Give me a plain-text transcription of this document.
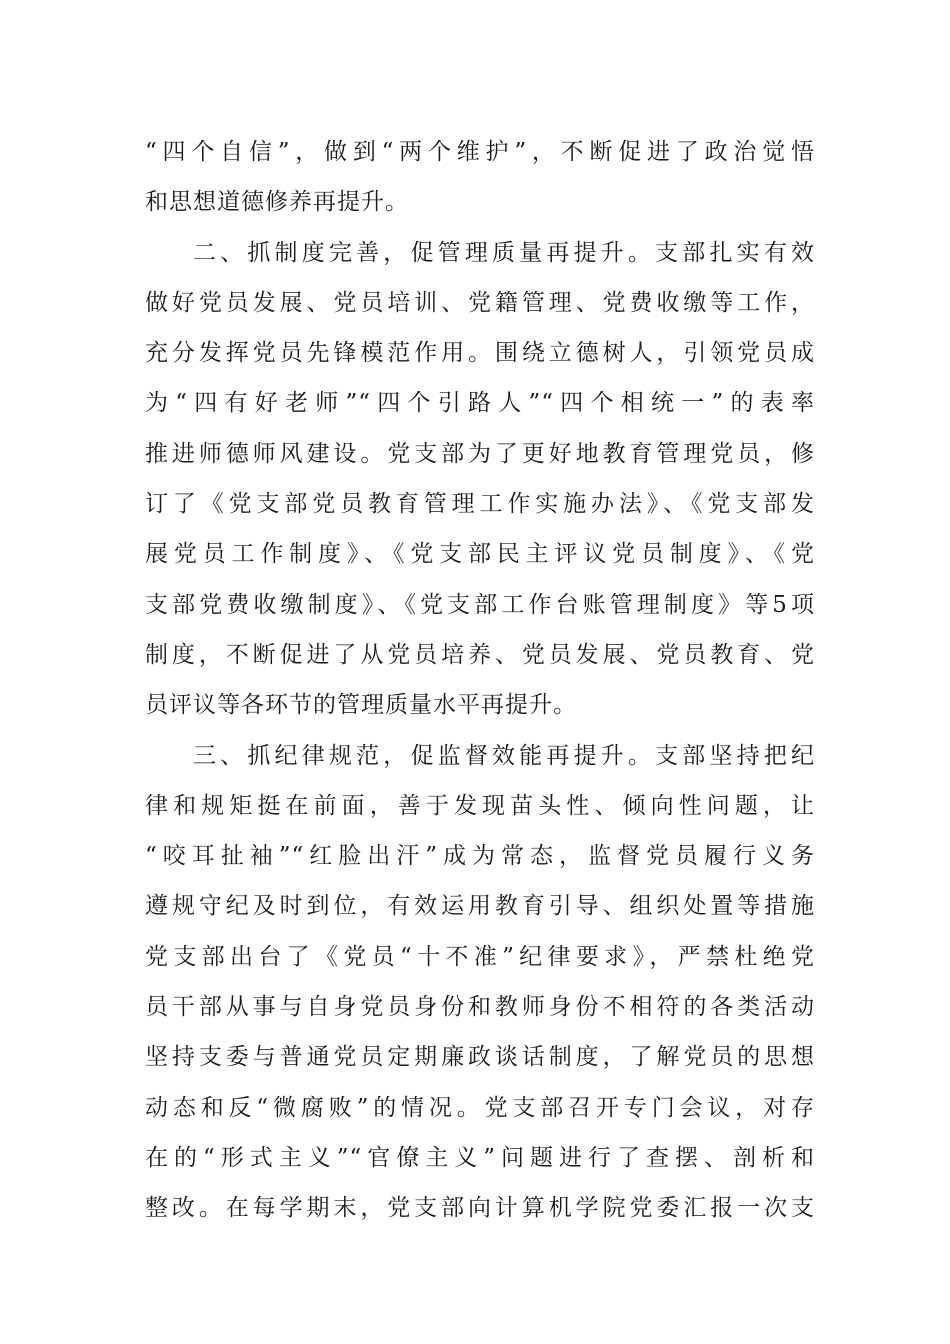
“四个自信”，做到“两个维护”，不断促进了政治觉悟
和思想道德修养再提升。
二、抓制度完善，促管理质量再提升。支部扎实有效
做好党员发展、党员培训、党籍管理、党费收缴等工作，
充分发挥党员先锋模范作用。围绕立德树人，引领党员成
为“四有好老师”“四个引路人”“四个相统一”的表率
推进师德师风建设。党支部为了更好地教育管理党员，修
订了《党支部党员教育管理工作实施办法》、《党支部发
展党员工作制度》、《党支部民主评议党员制度》、《党
支部党费收缴制度》、《党支部工作台账管理制度》等5项
制度，不断促进了从党员培养、党员发展、党员教育、党
员评议等各环节的管理质量水平再提升。
三、抓纪律规范，促监督效能再提升。支部坚持把纪
律和规矩挺在前面，善于发现苗头性、倾向性问题，让
“咬耳扯袖”“红脸出汗”成为常态，监督党员履行义务
遵规守纪及时到位，有效运用教育引导、组织处置等措施
党支部出台了《党员“十不准”纪律要求》，严禁杜绝党
员干部从事与自身党员身份和教师身份不相符的各类活动
坚持支委与普通党员定期廉政谈话制度，了解党员的思想
动态和反“微腐败”的情况。党支部召开专门会议，对存
在的“形式主义”“官僚主义”问题进行了查摆、剖析和
整改。在每学期末，党支部向计算机学院党委汇报一次支
